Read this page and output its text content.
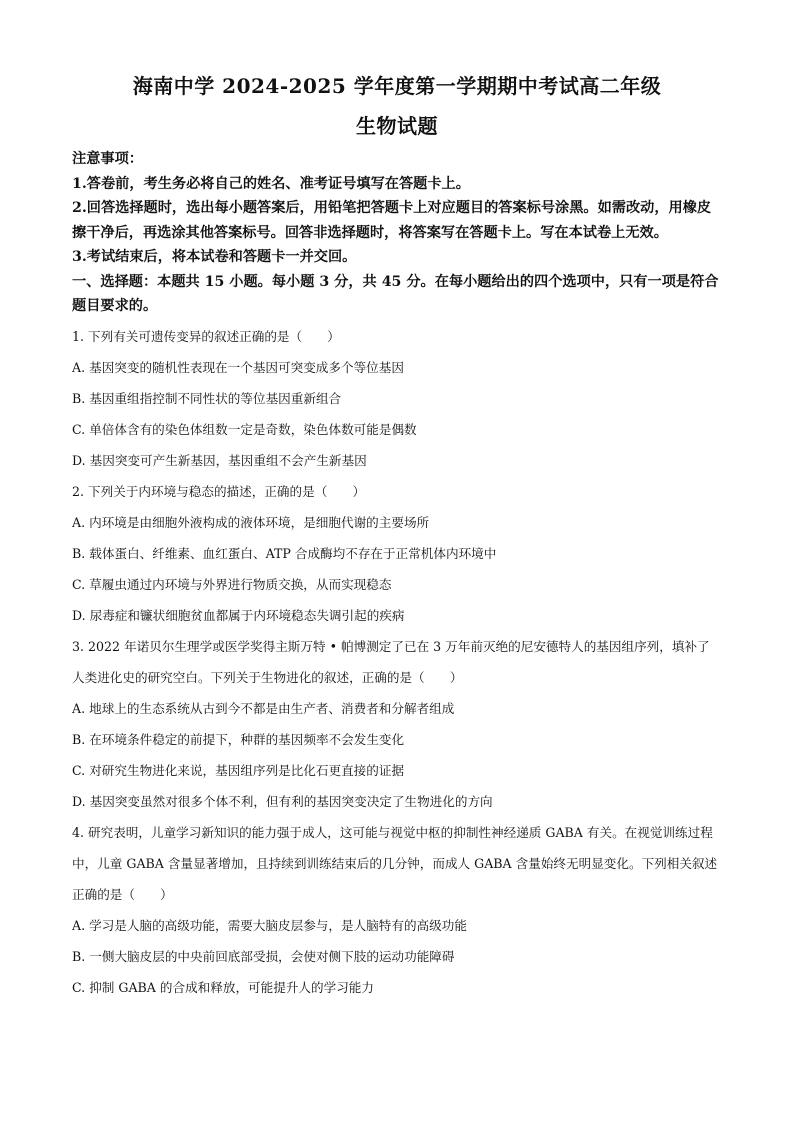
海南中学 2024-2025 学年度第一学期期中考试高二年级
生物试题

注意事项：

1.答卷前，考生务必将自己的姓名、准考证号填写在答题卡上。

2.回答选择题时，选出每小题答案后，用铅笔把答题卡上对应题目的答案标号涂黑。如需改动，用橡皮擦干净后，再选涂其他答案标号。回答非选择题时，将答案写在答题卡上。写在本试卷上无效。

3.考试结束后，将本试卷和答题卡一并交回。

一、选择题：本题共 15 小题。每小题 3 分，共 45 分。在每小题给出的四个选项中，只有一项是符合题目要求的。

1. 下列有关可遗传变异的叙述正确的是（　　）

A. 基因突变的随机性表现在一个基因可突变成多个等位基因

B. 基因重组指控制不同性状的等位基因重新组合

C. 单倍体含有的染色体组数一定是奇数，染色体数可能是偶数

D. 基因突变可产生新基因，基因重组不会产生新基因

2. 下列关于内环境与稳态的描述，正确的是（　　）

A. 内环境是由细胞外液构成的液体环境，是细胞代谢的主要场所

B. 载体蛋白、纤维素、血红蛋白、ATP 合成酶均不存在于正常机体内环境中

C. 草履虫通过内环境与外界进行物质交换，从而实现稳态

D. 尿毒症和镰状细胞贫血都属于内环境稳态失调引起的疾病

3. 2022 年诺贝尔生理学或医学奖得主斯万特 • 帕博测定了已在 3 万年前灭绝的尼安德特人的基因组序列，填补了人类进化史的研究空白。下列关于生物进化的叙述，正确的是（　　）

A. 地球上的生态系统从古到今不都是由生产者、消费者和分解者组成

B. 在环境条件稳定的前提下，种群的基因频率不会发生变化

C. 对研究生物进化来说，基因组序列是比化石更直接的证据

D. 基因突变虽然对很多个体不利，但有利的基因突变决定了生物进化的方向

4. 研究表明，儿童学习新知识的能力强于成人，这可能与视觉中枢的抑制性神经递质 GABA 有关。在视觉训练过程中，儿童 GABA 含量显著增加，且持续到训练结束后的几分钟，而成人 GABA 含量始终无明显变化。下列相关叙述正确的是（　　）

A. 学习是人脑的高级功能，需要大脑皮层参与，是人脑特有的高级功能

B. 一侧大脑皮层的中央前回底部受损，会使对侧下肢的运动功能障碍

C. 抑制 GABA 的合成和释放，可能提升人的学习能力
